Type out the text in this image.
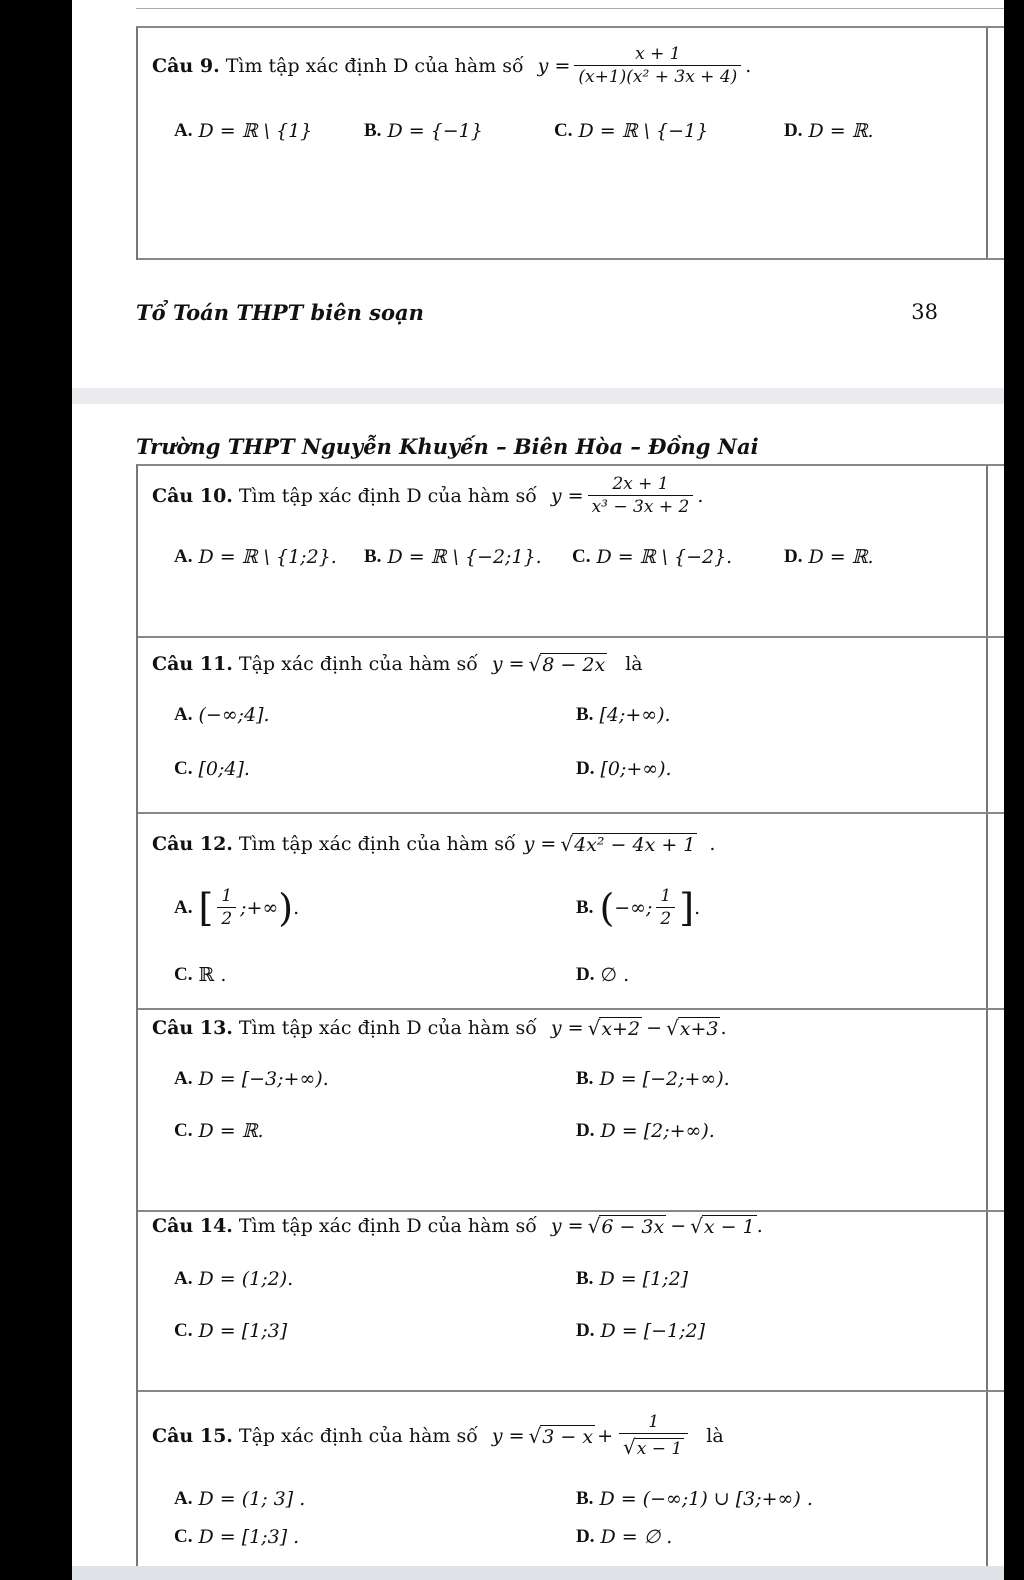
Câu 9. Tìm tập xác định D của hàm số $y = \frac{x + 1}{\text{(x+1)(x² + 3x + 4)}}$ .
A. D = ℝ \ {1}	B. D = {−1}	C. D = ℝ \ {−1}	D. D = ℝ.
Tổ Toán THPT biên soạn	38
Trường THPT Nguyễn Khuyến – Biên Hòa – Đồng Nai
Câu 10. Tìm tập xác định D của hàm số $y = \frac{2x + 1}{\text{x³ − 3x + 2}}$ .
A. D = ℝ \ {1;2}. B. D = ℝ \ {−2;1}. C. D = ℝ \ {−2}.	D. D = ℝ.
Câu 11. Tập xác định của hàm số y = √ 8 − 2x là
A. (−∞;4].	B. [4;+∞).
C. [0;4].	D. [0;+∞).
Câu 12. Tìm tập xác định của hàm số y = √ 4x² − 4x + 1 .
A. [ $\frac{1}{2}$ ;+∞ ) .	B. ( −∞; $\frac{1}{2}$ ] .
C. ℝ .	D. ∅ .
Câu 13. Tìm tập xác định D của hàm số y = √ x+2 − √ x+3 .
A. D = [−3;+∞).	B. D = [−2;+∞).
C. D = ℝ.	D. D = [2;+∞).
Câu 14. Tìm tập xác định D của hàm số y = √ 6 − 3x − √ x − 1 .
A. D = (1;2).	B. D = [1;2]
C. D = [1;3]	D. D = [−1;2]
Câu 15. Tập xác định của hàm số y = √ $3 - x + \frac{1}{√ x - 1}$ là
A. D = (1; 3] .	B. D = (−∞;1) ∪ [3;+∞) .
C. D = [1;3] .	D. D = ∅ .
